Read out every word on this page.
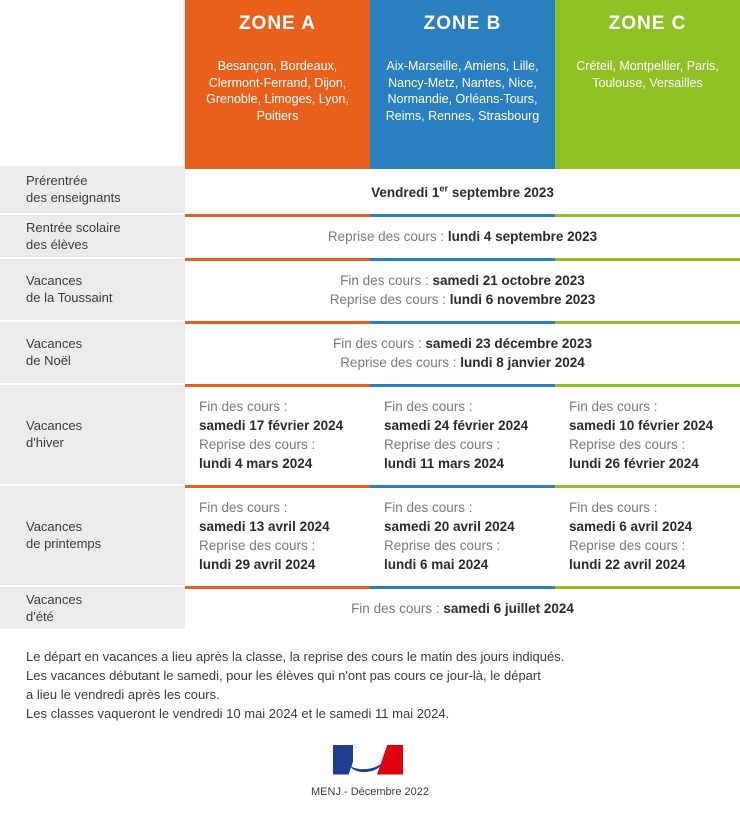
	ZONE A	ZONE B	ZONE C
	Besançon, Bordeaux, Clermont-Ferrand, Dijon, Grenoble, Limoges, Lyon, Poitiers	Aix-Marseille, Amiens, Lille, Nancy-Metz, Nantes, Nice, Normandie, Orléans-Tours, Reims, Rennes, Strasbourg	Créteil, Montpellier, Paris, Toulouse, Versailles

Prérentrée
des enseignants	Vendredi 1er septembre 2023		

Rentrée scolaire
des élèves	Reprise des cours : lundi 4 septembre 2023		

Vacances
de la Toussaint	Fin des cours : samedi 21 octobre 2023
Reprise des cours : lundi 6 novembre 2023		

Vacances
de Noël	Fin des cours : samedi 23 décembre 2023
Reprise des cours : lundi 8 janvier 2024		

Vacances
d'hiver	Fin des cours :
samedi 17 février 2024
Reprise des cours :
lundi 4 mars 2024	Fin des cours :
samedi 24 février 2024
Reprise des cours :
lundi 11 mars 2024	Fin des cours :
samedi 10 février 2024
Reprise des cours :
lundi 26 février 2024

Vacances
de printemps	Fin des cours :
samedi 13 avril 2024
Reprise des cours :
lundi 29 avril 2024	Fin des cours :
samedi 20 avril 2024
Reprise des cours :
lundi 6 mai 2024	Fin des cours :
samedi 6 avril 2024
Reprise des cours :
lundi 22 avril 2024

Vacances
d'été	Fin des cours : samedi 6 juillet 2024		
Le départ en vacances a lieu après la classe, la reprise des cours le matin des jours indiqués.
Les vacances débutant le samedi, pour les élèves qui n'ont pas cours ce jour-là, le départ
a lieu le vendredi après les cours.
Les classes vaqueront le vendredi 10 mai 2024 et le samedi 11 mai 2024.
MENJ - Décembre 2022
